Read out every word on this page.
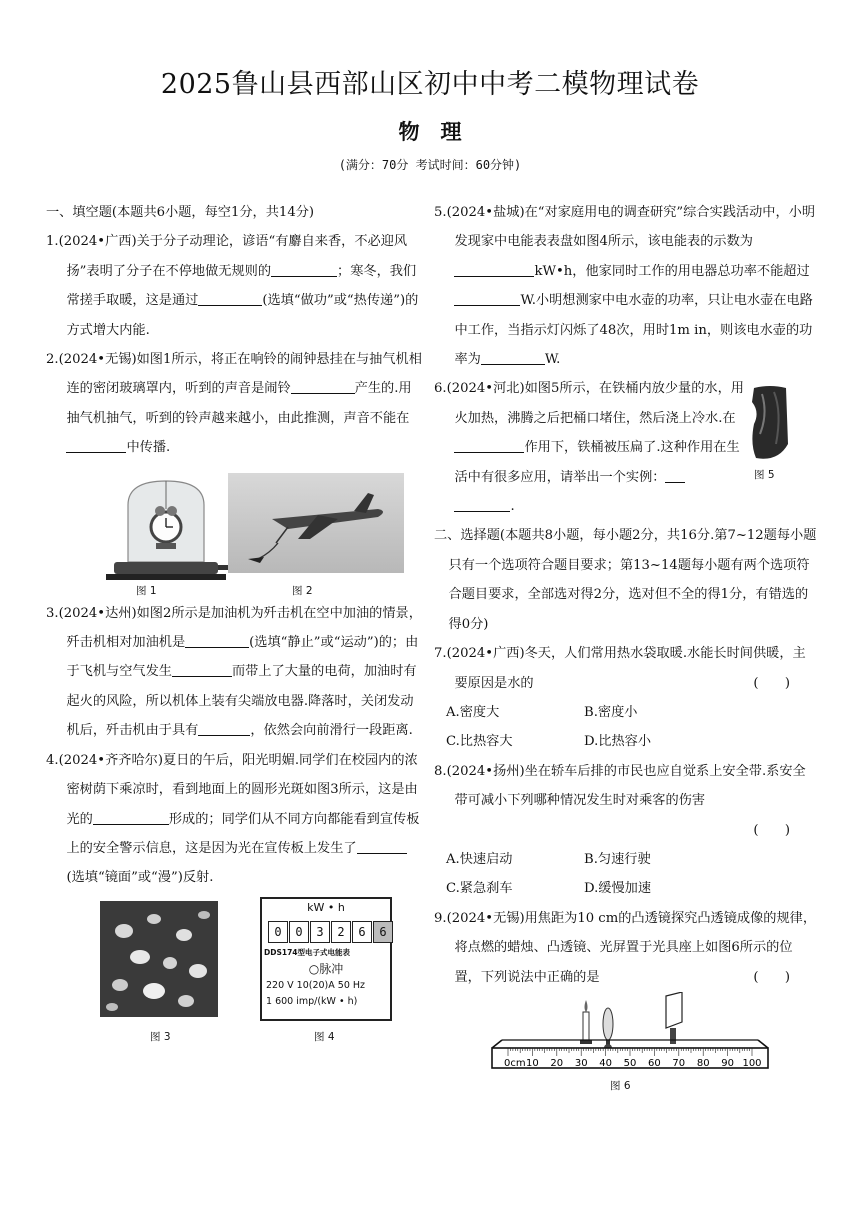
2025鲁山县西部山区初中中考二模物理试卷
物　理
(满分：70分 考试时间：60分钟)

一、填空题(本题共6小题，每空1分，共14分)

1.(2024•广西)关于分子动理论，谚语“有麝自来香，不必迎风扬”表明了分子在不停地做无规则的	；寒冬，我们常搓手取暖，这是通过	(选填“做功”或“热传递”)的方式增大内能.

2.(2024•无锡)如图1所示，将正在响铃的闹钟悬挂在与抽气机相连的密闭玻璃罩内，听到的声音是闹铃	产生的.用抽气机抽气，听到的铃声越来越小，由此推测，声音不能在中传播.

图 1	图 2

3.(2024•达州)如图2所示是加油机为歼击机在空中加油的情景，歼击机相对加油机是	(选填“静止”或“运动”)的；由于飞机与空气发生	而带上了大量的电荷，加油时有起火的风险，所以机体上装有尖端放电器.降落时，关闭发动机后，歼击机由于具有	，依然会向前滑行一段距离.

4.(2024•齐齐哈尔)夏日的午后，阳光明媚.同学们在校园内的浓密树荫下乘凉时，看到地面上的圆形光斑如图3所示，这是由光的	形成的；同学们从不同方向都能看到宣传板上的安全警示信息，这是因为光在宣传板上发生了(选填“镜面”或“漫”)反射.

图 3
kW • h
0	0	3	2	6	6
DDS174型电子式电能表
○脉冲
220 V 10(20)A 50 Hz
1 600 imp/(kW • h)
图 4

5.(2024•盐城)在“对家庭用电的调查研究”综合实践活动中，小明发现家中电能表表盘如图4所示，该电能表的示数为kW•h，他家同时工作的用电器总功率不能超过W.小明想测家中电水壶的功率，只让电水壶在电路中工作，当指示灯闪烁了48次，用时1m in，则该电水壶的功率为	W.

6.(2024•河北)如图5所示，在铁桶内放少量的水，用火加热，沸腾之后把桶口堵住，然后浇上冷水.在作用下，铁桶被压扁了.这种作用在生活中有很多应用，请举出一个实例：
.

图 5

二、选择题(本题共8小题，每小题2分，共16分.第7~12题每小题只有一个选项符合题目要求；第13~14题每小题有两个选项符合题目要求，全部选对得2分，选对但不全的得1分，有错选的得0分)

7.(2024•广西)冬天，人们常用热水袋取暖.水能长时间供暖，主要原因是水的	(　　)

A.密度大	B.密度小
C.比热容大	D.比热容小

8.(2024•扬州)坐在轿车后排的市民也应自觉系上安全带.系安全带可减小下列哪种情况发生时对乘客的伤害

(　　)

A.快速启动	B.匀速行驶
C.紧急刹车	D.缓慢加速

9.(2024•无锡)用焦距为10 cm的凸透镜探究凸透镜成像的规律，将点燃的蜡烛、凸透镜、光屏置于光具座上如图6所示的位置，下列说法中正确的是	(　　)

0cm 10 20 30 40 50 60 70 80 90 100
图 6
